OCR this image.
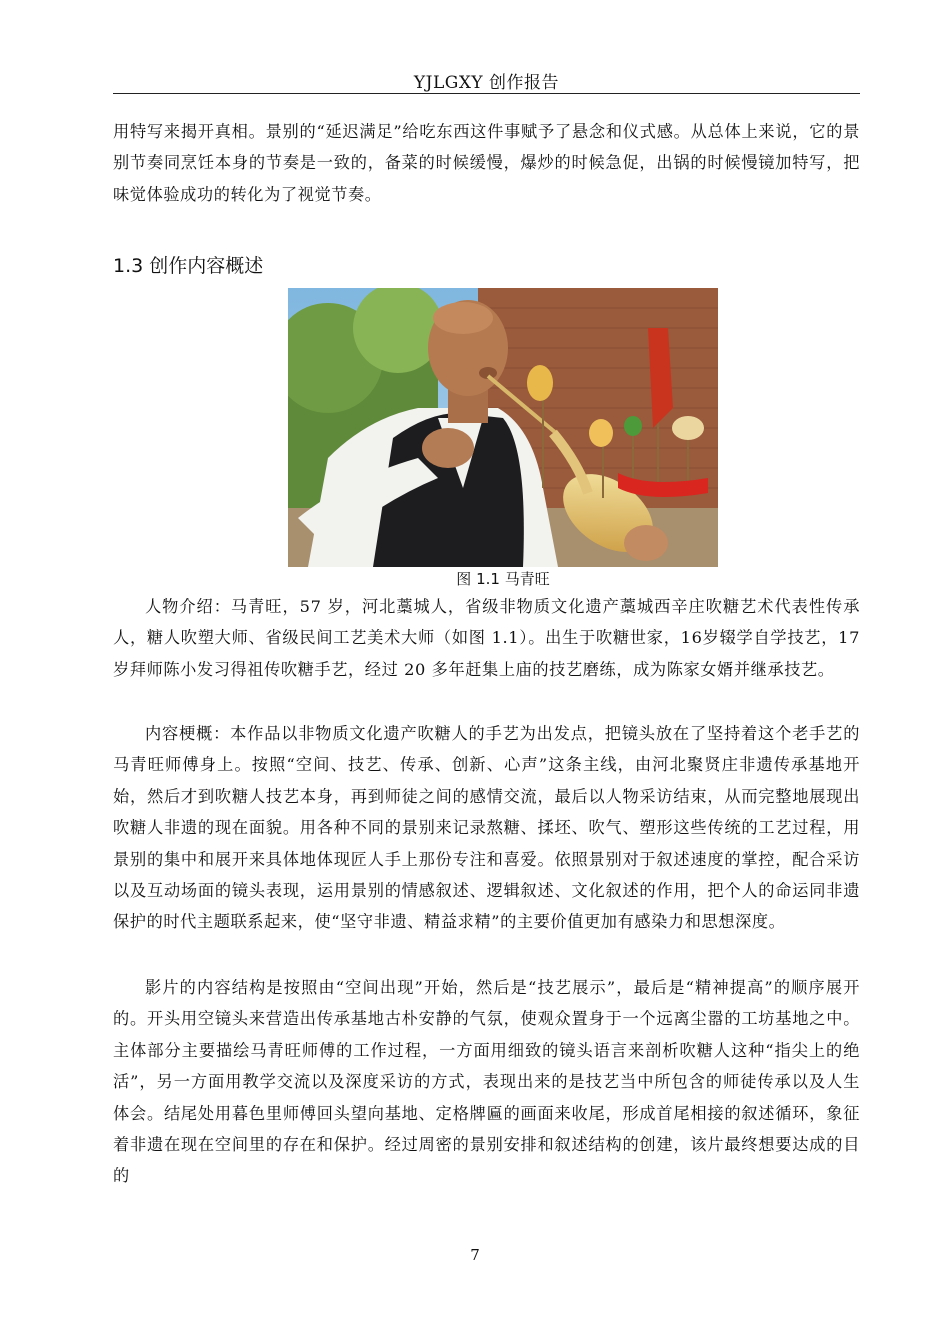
YJLGXY 创作报告

用特写来揭开真相。景别的“延迟满足”给吃东西这件事赋予了悬念和仪式感。从总体上来说，它的景别节奏同烹饪本身的节奏是一致的，备菜的时候缓慢，爆炒的时候急促，出锅的时候慢镜加特写，把味觉体验成功的转化为了视觉节奏。

1.3 创作内容概述
图 1.1 马青旺

人物介绍：马青旺，57 岁，河北藁城人，省级非物质文化遗产藁城西辛庄吹糖艺术代表性传承人，糖人吹塑大师、省级民间工艺美术大师（如图 1.1）。出生于吹糖世家，16岁辍学自学技艺，17 岁拜师陈小发习得祖传吹糖手艺，经过 20 多年赶集上庙的技艺磨练，成为陈家女婿并继承技艺。

内容梗概：本作品以非物质文化遗产吹糖人的手艺为出发点，把镜头放在了坚持着这个老手艺的马青旺师傅身上。按照“空间、技艺、传承、创新、心声”这条主线，由河北聚贤庄非遗传承基地开始，然后才到吹糖人技艺本身，再到师徒之间的感情交流，最后以人物采访结束，从而完整地展现出吹糖人非遗的现在面貌。用各种不同的景别来记录熬糖、揉坯、吹气、塑形这些传统的工艺过程，用景别的集中和展开来具体地体现匠人手上那份专注和喜爱。依照景别对于叙述速度的掌控，配合采访以及互动场面的镜头表现，运用景别的情感叙述、逻辑叙述、文化叙述的作用，把个人的命运同非遗保护的时代主题联系起来，使“坚守非遗、精益求精”的主要价值更加有感染力和思想深度。

影片的内容结构是按照由“空间出现”开始，然后是“技艺展示”，最后是“精神提高”的顺序展开的。开头用空镜头来营造出传承基地古朴安静的气氛，使观众置身于一个远离尘嚣的工坊基地之中。主体部分主要描绘马青旺师傅的工作过程，一方面用细致的镜头语言来剖析吹糖人这种“指尖上的绝活”，另一方面用教学交流以及深度采访的方式，表现出来的是技艺当中所包含的师徒传承以及人生体会。结尾处用暮色里师傅回头望向基地、定格牌匾的画面来收尾，形成首尾相接的叙述循环，象征着非遗在现在空间里的存在和保护。经过周密的景别安排和叙述结构的创建，该片最终想要达成的目的

7
